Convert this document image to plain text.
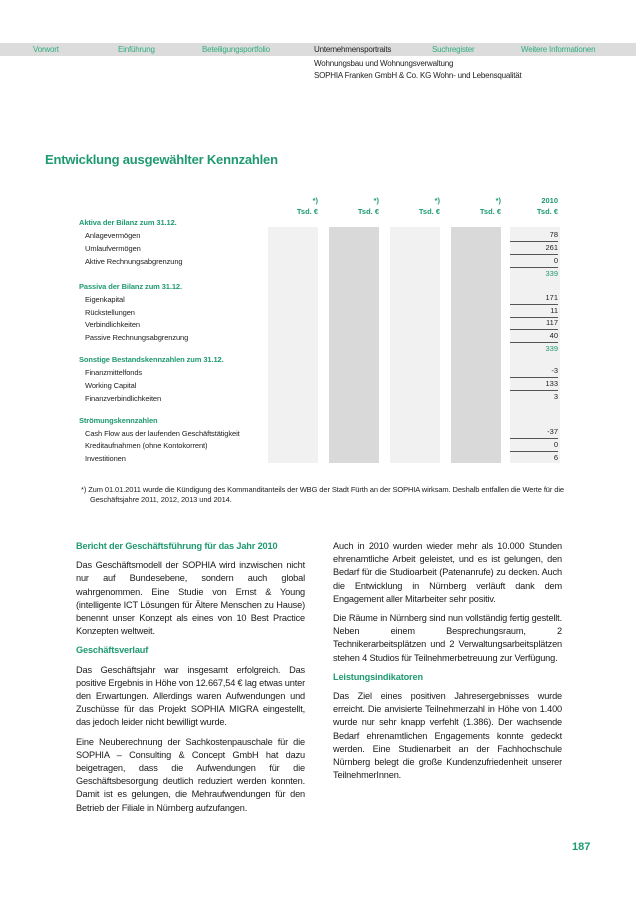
Vorwort	Einführung	Beteiligungsportfolio	Unternehmensportraits	Suchregister	Weitere Informationen
Wohnungsbau und Wohnungsverwaltung
SOPHIA Franken GmbH & Co. KG Wohn- und Lebensqualität
Entwicklung ausgewählter Kennzahlen
*)
Tsd. €
*)
Tsd. €
*)
Tsd. €
*)
Tsd. €
2010
Tsd. €
Aktiva der Bilanz zum 31.12.
Anlagevermögen	78
Umlaufvermögen	261
Aktive Rechnungsabgrenzung	0
339
Passiva der Bilanz zum 31.12.
Eigenkapital	171
Rückstellungen	11
Verbindlichkeiten	117
Passive Rechnungsabgrenzung	40
339
Sonstige Bestandskennzahlen zum 31.12.
Finanzmittelfonds	-3
Working Capital	133
Finanzverbindlichkeiten	3
Strömungskennzahlen
Cash Flow aus der laufenden Geschäftstätigkeit	-37
Kreditaufnahmen (ohne Kontokorrent)	0
Investitionen	6
*) Zum 01.01.2011 wurde die Kündigung des Kommanditanteils der WBG der Stadt Fürth an der SOPHIA wirksam. Deshalb entfallen die Werte für die Geschäftsjahre 2011, 2012, 2013 und 2014.
Bericht der Geschäftsführung für das Jahr 2010

Das Geschäftsmodell der SOPHIA wird inzwischen nicht nur auf Bundesebene, sondern auch global wahrgenommen. Eine Studie von Ernst & Young (intelligente ICT Lösungen für Ältere Menschen zu Hause) benennt unser Konzept als eines von 10 Best Practice Konzepten weltweit.

Geschäftsverlauf

Das Geschäftsjahr war insgesamt erfolgreich. Das positive Ergebnis in Höhe von 12.667,54 € lag etwas unter den Erwartungen. Allerdings waren Aufwendungen und Zuschüsse für das Projekt SOPHIA MIGRA eingestellt, das jedoch leider nicht bewilligt wurde.

Eine Neuberechnung der Sachkostenpauschale für die SOPHIA – Consulting & Concept GmbH hat dazu beigetragen, dass die Aufwendungen für die Geschäftsbesorgung deutlich reduziert werden konnten. Damit ist es gelungen, die Mehraufwendungen für den Betrieb der Filiale in Nürnberg aufzufangen.

Auch in 2010 wurden wieder mehr als 10.000 Stunden ehrenamtliche Arbeit geleistet, und es ist gelungen, den Bedarf für die Studioarbeit (Patenanrufe) zu decken. Auch die Entwicklung in Nürnberg verläuft dank dem Engagement aller Mitarbeiter sehr positiv.

Die Räume in Nürnberg sind nun vollständig fertig gestellt. Neben einem Besprechungsraum, 2 Technikerarbeitsplätzen und 2 Verwaltungsarbeitsplätzen stehen 4 Studios für Teilnehmerbetreuung zur Verfügung.

Leistungsindikatoren

Das Ziel eines positiven Jahresergebnisses wurde erreicht. Die anvisierte Teilnehmerzahl in Höhe von 1.400 wurde nur sehr knapp verfehlt (1.386). Der wachsende Bedarf ehrenamtlichen Engagements konnte gedeckt werden. Eine Studienarbeit an der Fachhochschule Nürnberg belegt die große Kundenzufriedenheit unserer TeilnehmerInnen.

187
